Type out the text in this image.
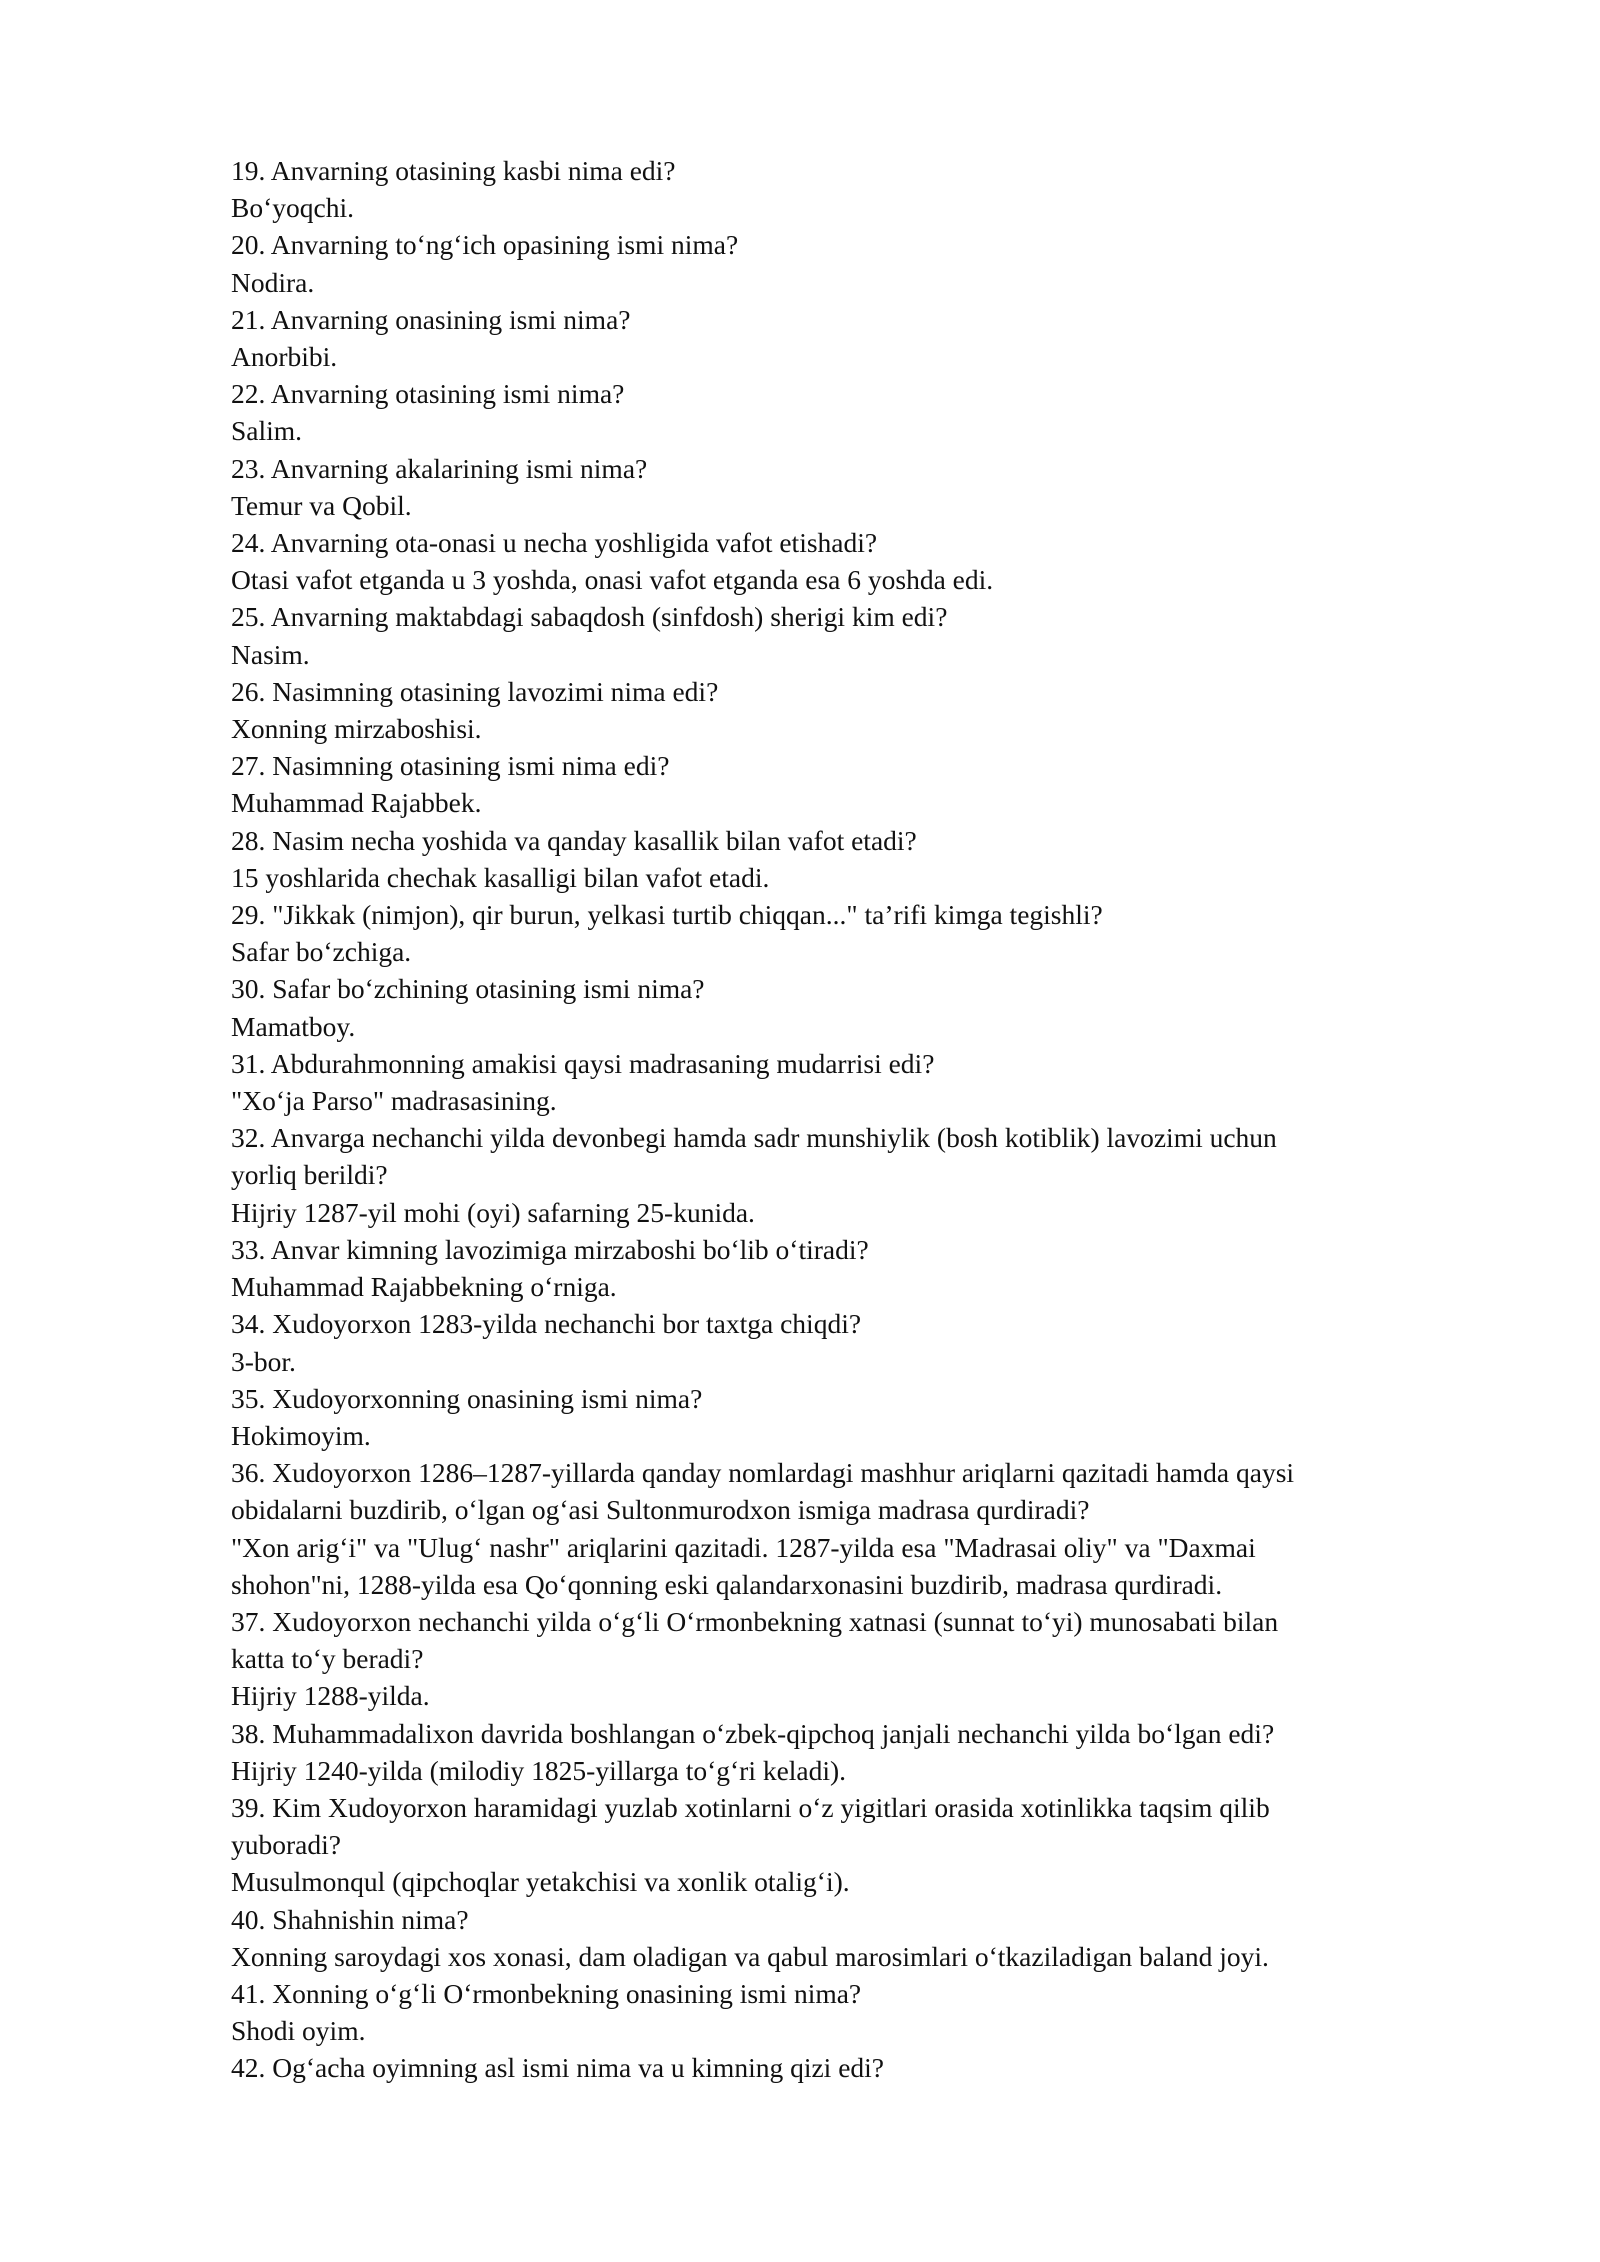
19. Anvarning otasining kasbi nima edi?
Bo‘yoqchi.
20. Anvarning to‘ng‘ich opasining ismi nima?
Nodira.
21. Anvarning onasining ismi nima?
Anorbibi.
22. Anvarning otasining ismi nima?
Salim.
23. Anvarning akalarining ismi nima?
Temur va Qobil.
24. Anvarning ota-onasi u necha yoshligida vafot etishadi?
Otasi vafot etganda u 3 yoshda, onasi vafot etganda esa 6 yoshda edi.
25. Anvarning maktabdagi sabaqdosh (sinfdosh) sherigi kim edi?
Nasim.
26. Nasimning otasining lavozimi nima edi?
Xonning mirzaboshisi.
27. Nasimning otasining ismi nima edi?
Muhammad Rajabbek.
28. Nasim necha yoshida va qanday kasallik bilan vafot etadi?
15 yoshlarida chechak kasalligi bilan vafot etadi.
29. "Jikkak (nimjon), qir burun, yelkasi turtib chiqqan..." ta’rifi kimga tegishli?
Safar bo‘zchiga.
30. Safar bo‘zchining otasining ismi nima?
Mamatboy.
31. Abdurahmonning amakisi qaysi madrasaning mudarrisi edi?
"Xo‘ja Parso" madrasasining.
32. Anvarga nechanchi yilda devonbegi hamda sadr munshiylik (bosh kotiblik) lavozimi uchun
yorliq berildi?
Hijriy 1287-yil mohi (oyi) safarning 25-kunida.
33. Anvar kimning lavozimiga mirzaboshi bo‘lib o‘tiradi?
Muhammad Rajabbekning o‘rniga.
34. Xudoyorxon 1283-yilda nechanchi bor taxtga chiqdi?
3-bor.
35. Xudoyorxonning onasining ismi nima?
Hokimoyim.
36. Xudoyorxon 1286–1287-yillarda qanday nomlardagi mashhur ariqlarni qazitadi hamda qaysi
obidalarni buzdirib, o‘lgan og‘asi Sultonmurodxon ismiga madrasa qurdiradi?
"Xon arig‘i" va "Ulug‘ nashr" ariqlarini qazitadi. 1287-yilda esa "Madrasai oliy" va "Daxmai
shohon"ni, 1288-yilda esa Qo‘qonning eski qalandarxonasini buzdirib, madrasa qurdiradi.
37. Xudoyorxon nechanchi yilda o‘g‘li O‘rmonbekning xatnasi (sunnat to‘yi) munosabati bilan
katta to‘y beradi?
Hijriy 1288-yilda.
38. Muhammadalixon davrida boshlangan o‘zbek-qipchoq janjali nechanchi yilda bo‘lgan edi?
Hijriy 1240-yilda (milodiy 1825-yillarga to‘g‘ri keladi).
39. Kim Xudoyorxon haramidagi yuzlab xotinlarni o‘z yigitlari orasida xotinlikka taqsim qilib
yuboradi?
Musulmonqul (qipchoqlar yetakchisi va xonlik otalig‘i).
40. Shahnishin nima?
Xonning saroydagi xos xonasi, dam oladigan va qabul marosimlari o‘tkaziladigan baland joyi.
41. Xonning o‘g‘li O‘rmonbekning onasining ismi nima?
Shodi oyim.
42. Og‘acha oyimning asl ismi nima va u kimning qizi edi?
